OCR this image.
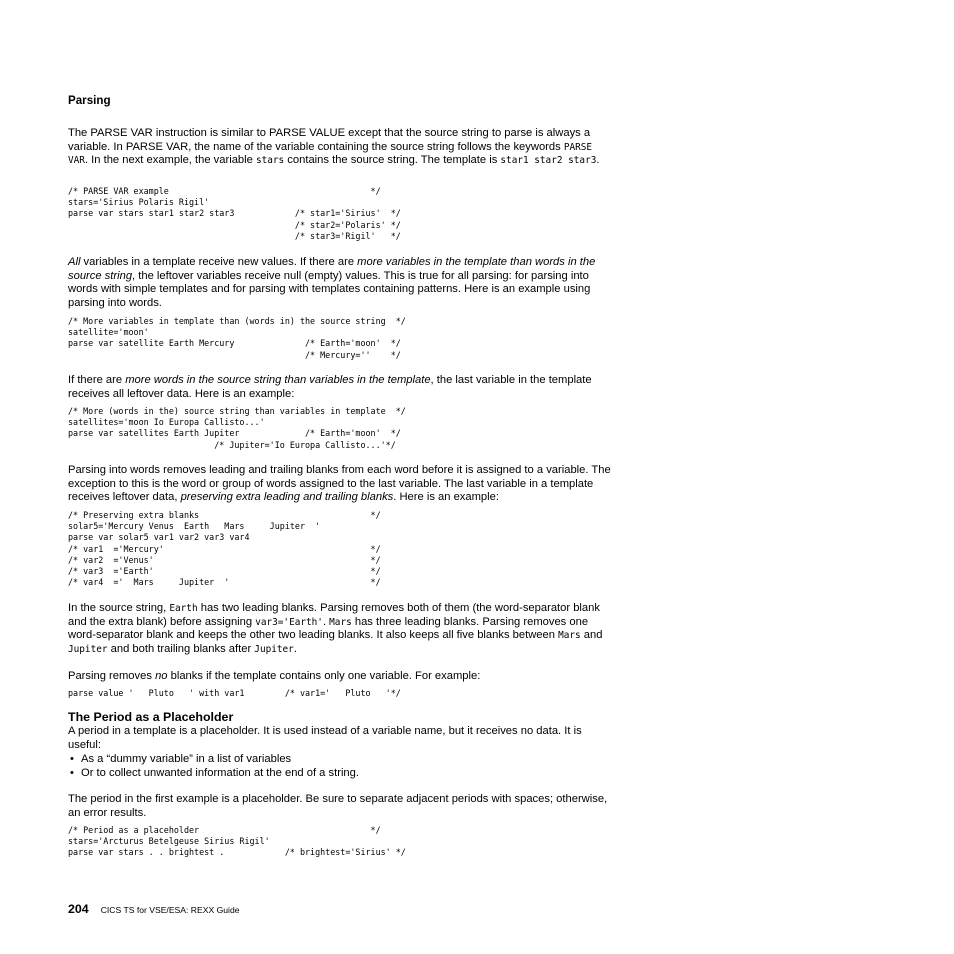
Parsing
The PARSE VAR instruction is similar to PARSE VALUE except that the source string to parse is always a variable. In PARSE VAR, the name of the variable containing the source string follows the keywords PARSE VAR. In the next example, the variable stars contains the source string. The template is star1 star2 star3.
/* PARSE VAR example                                        */
stars='Sirius Polaris Rigil'
parse var stars star1 star2 star3            /* star1='Sirius'  */
/* star2='Polaris' */
/* star3='Rigil'   */
All variables in a template receive new values. If there are more variables in the template than words in the source string, the leftover variables receive null (empty) values. This is true for all parsing: for parsing into words with simple templates and for parsing with templates containing patterns. Here is an example using parsing into words.
/* More variables in template than (words in) the source string  */
satellite='moon'
parse var satellite Earth Mercury              /* Earth='moon'  */
/* Mercury=''    */
If there are more words in the source string than variables in the template, the last variable in the template receives all leftover data. Here is an example:
/* More (words in the) source string than variables in template  */
satellites='moon Io Europa Callisto...'
parse var satellites Earth Jupiter             /* Earth='moon'  */
/* Jupiter='Io Europa Callisto...'*/
Parsing into words removes leading and trailing blanks from each word before it is assigned to a variable. The exception to this is the word or group of words assigned to the last variable. The last variable in a template receives leftover data, preserving extra leading and trailing blanks. Here is an example:
/* Preserving extra blanks                                  */
solar5='Mercury Venus  Earth   Mars     Jupiter  '
parse var solar5 var1 var2 var3 var4
/* var1  ='Mercury'                                         */
/* var2  ='Venus'                                           */
/* var3  ='Earth'                                           */
/* var4  ='  Mars     Jupiter  '                            */
In the source string, Earth has two leading blanks. Parsing removes both of them (the word-separator blank and the extra blank) before assigning var3='Earth'. Mars has three leading blanks. Parsing removes one word-separator blank and keeps the other two leading blanks. It also keeps all five blanks between Mars and Jupiter and both trailing blanks after Jupiter.
Parsing removes no blanks if the template contains only one variable. For example:
parse value '   Pluto   ' with var1        /* var1='   Pluto   '*/
The Period as a Placeholder
A period in a template is a placeholder. It is used instead of a variable name, but it receives no data. It is useful:
• As a “dummy variable” in a list of variables
• Or to collect unwanted information at the end of a string.
The period in the first example is a placeholder. Be sure to separate adjacent periods with spaces; otherwise, an error results.
/* Period as a placeholder                                  */
stars='Arcturus Betelgeuse Sirius Rigil'
parse var stars . . brightest .            /* brightest='Sirius' */
204 CICS TS for VSE/ESA: REXX Guide
